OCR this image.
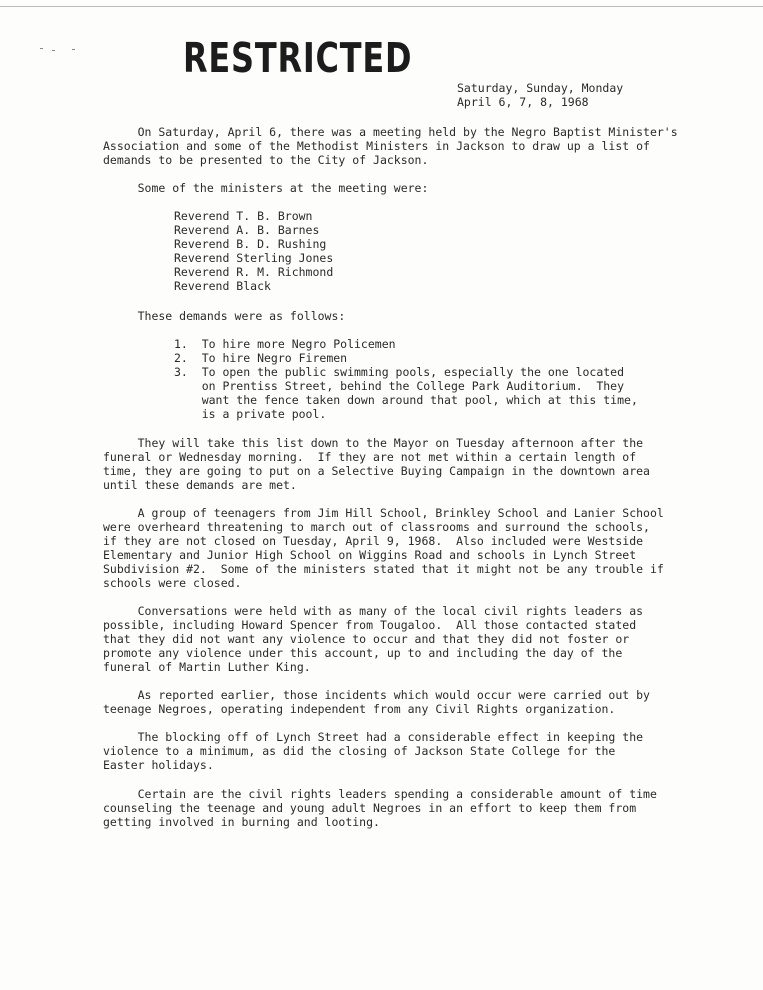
RESTRICTED
Saturday, Sunday, Monday
April 6, 7, 8, 1968
On Saturday, April 6, there was a meeting held by the Negro Baptist Minister's
Association and some of the Methodist Ministers in Jackson to draw up a list of
demands to be presented to the City of Jackson.
Some of the ministers at the meeting were:
Reverend T. B. Brown
Reverend A. B. Barnes
Reverend B. D. Rushing
Reverend Sterling Jones
Reverend R. M. Richmond
Reverend Black
These demands were as follows:
1.  To hire more Negro Policemen
2.  To hire Negro Firemen
3.  To open the public swimming pools, especially the one located
on Prentiss Street, behind the College Park Auditorium.  They
want the fence taken down around that pool, which at this time,
is a private pool.
They will take this list down to the Mayor on Tuesday afternoon after the
funeral or Wednesday morning.  If they are not met within a certain length of
time, they are going to put on a Selective Buying Campaign in the downtown area
until these demands are met.
A group of teenagers from Jim Hill School, Brinkley School and Lanier School
were overheard threatening to march out of classrooms and surround the schools,
if they are not closed on Tuesday, April 9, 1968.  Also included were Westside
Elementary and Junior High School on Wiggins Road and schools in Lynch Street
Subdivision #2.  Some of the ministers stated that it might not be any trouble if
schools were closed.
Conversations were held with as many of the local civil rights leaders as
possible, including Howard Spencer from Tougaloo.  All those contacted stated
that they did not want any violence to occur and that they did not foster or
promote any violence under this account, up to and including the day of the
funeral of Martin Luther King.
As reported earlier, those incidents which would occur were carried out by
teenage Negroes, operating independent from any Civil Rights organization.
The blocking off of Lynch Street had a considerable effect in keeping the
violence to a minimum, as did the closing of Jackson State College for the
Easter holidays.
Certain are the civil rights leaders spending a considerable amount of time
counseling the teenage and young adult Negroes in an effort to keep them from
getting involved in burning and looting.
